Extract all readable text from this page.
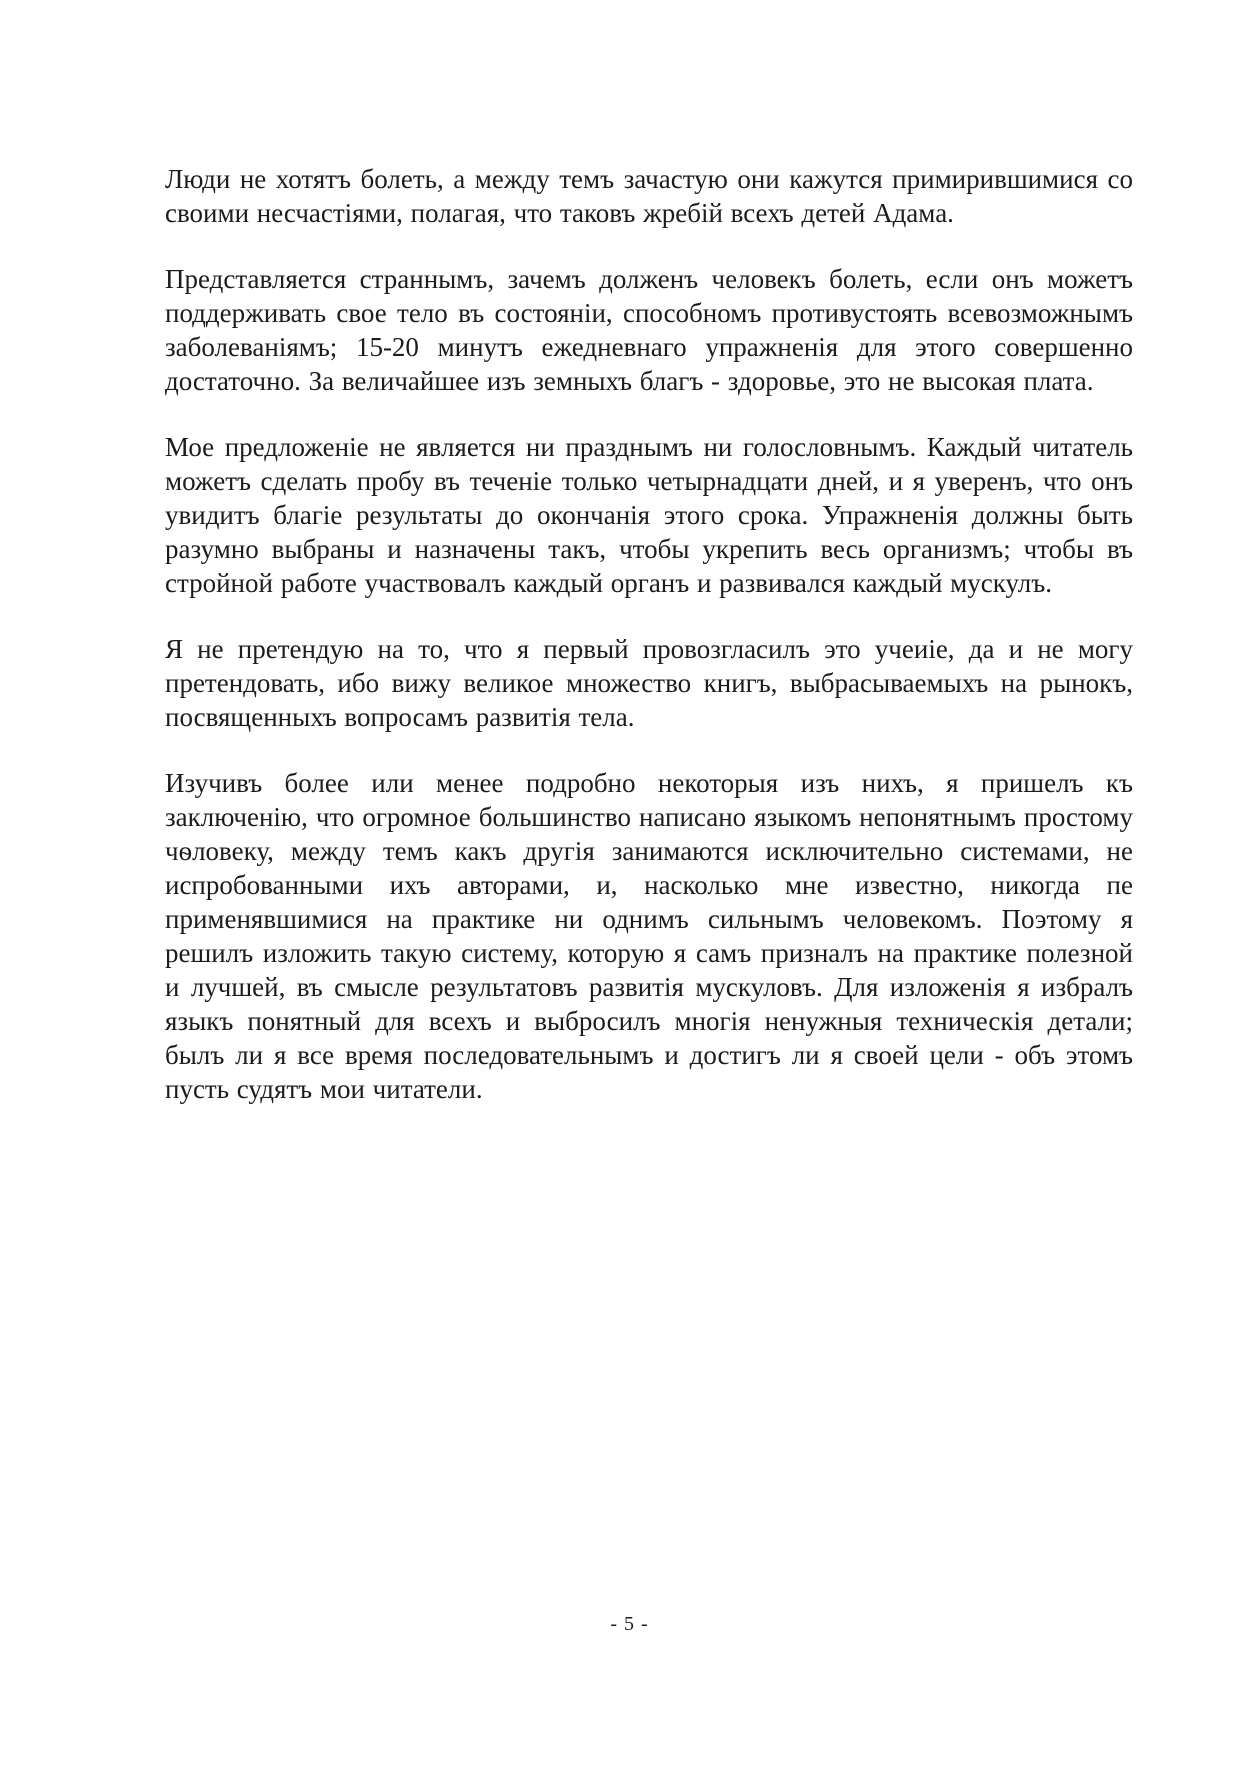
Люди не хотятъ болеть, а между темъ зачастую они кажутся примирившимися со своими несчастіями, полагая, что таковъ жребій всехъ детей Адама.

Представляется страннымъ, зачемъ долженъ человекъ болеть, если онъ можетъ поддерживать свое тело въ состояніи, способномъ противустоять всевозможнымъ заболеваніямъ; 15-20 минутъ ежедневнаго упражненія для этого совершенно достаточно. За величайшее изъ земныхъ благъ - здоровье, это не высокая плата.

Мое предложеніе не является ни празднымъ ни голословнымъ. Каждый читатель можетъ сделать пробу въ теченіе только четырнадцати дней, и я уверенъ, что онъ увидитъ благіе результаты до окончанія этого срока. Упражненія должны быть разумно выбраны и назначены такъ, чтобы укрепить весь организмъ; чтобы въ стройной работе участвовалъ каждый органъ и развивался каждый мускулъ.

Я не претендую на то, что я первый провозгласилъ это учеиіе, да и не могу претендовать, ибо вижу великое множество книгъ, выбрасываемыхъ на рынокъ, посвященныхъ вопросамъ развитія тела.

Изучивъ более или менее подробно некоторыя изъ нихъ, я пришелъ къ заключенію, что огромное большинство написано языкомъ непонятнымъ простому чѳловеку, между темъ какъ другія занимаются исключительно системами, не испробованными ихъ авторами, и, насколько мне известно, никогда пе применявшимися на практике ни однимъ сильнымъ человекомъ. Поэтому я решилъ изложить такую систему, которую я самъ призналъ на практике полезной и лучшей, въ смысле результатовъ развитія мускуловъ. Для изложенія я избралъ языкъ понятный для всехъ и выбросилъ многія ненужныя техническія детали; былъ ли я все время последовательнымъ и достигъ ли я своей цели - объ этомъ пусть судятъ мои читатели.

- 5 -
